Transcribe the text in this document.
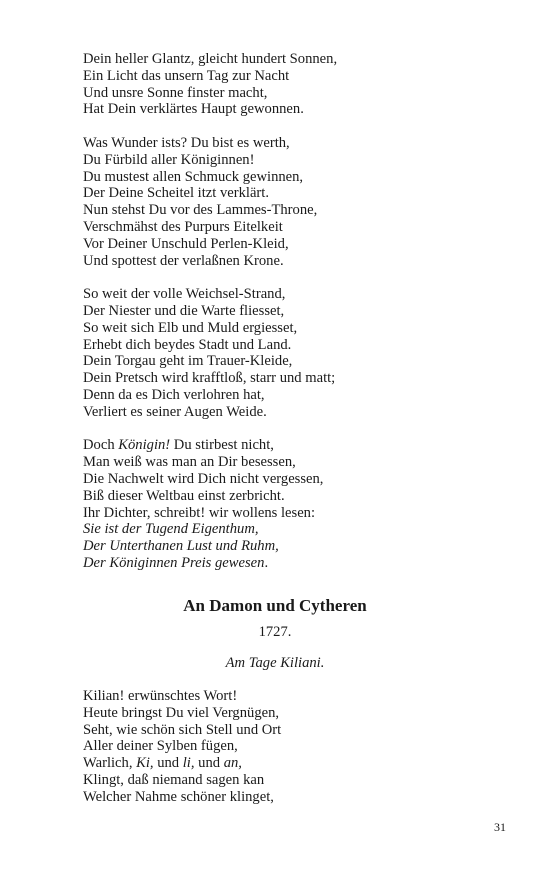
Dein heller Glantz, gleicht hundert Sonnen,
Ein Licht das unsern Tag zur Nacht
Und unsre Sonne finster macht,
Hat Dein verklärtes Haupt gewonnen.
Was Wunder ists? Du bist es werth,
Du Fürbild aller Königinnen!
Du mustest allen Schmuck gewinnen,
Der Deine Scheitel itzt verklärt.
Nun stehst Du vor des Lammes-Throne,
Verschmähst des Purpurs Eitelkeit
Vor Deiner Unschuld Perlen-Kleid,
Und spottest der verlaßnen Krone.
So weit der volle Weichsel-Strand,
Der Niester und die Warte fliesset,
So weit sich Elb und Muld ergiesset,
Erhebt dich beydes Stadt und Land.
Dein Torgau geht im Trauer-Kleide,
Dein Pretsch wird krafftloß, starr und matt;
Denn da es Dich verlohren hat,
Verliert es seiner Augen Weide.
Doch Königin! Du stirbest nicht,
Man weiß was man an Dir besessen,
Die Nachwelt wird Dich nicht vergessen,
Biß dieser Weltbau einst zerbricht.
Ihr Dichter, schreibt! wir wollens lesen:
Sie ist der Tugend Eigenthum,
Der Unterthanen Lust und Ruhm,
Der Königinnen Preis gewesen.
An Damon und Cytheren
1727.
Am Tage Kiliani.
Kilian! erwünschtes Wort!
Heute bringst Du viel Vergnügen,
Seht, wie schön sich Stell und Ort
Aller deiner Sylben fügen,
Warlich, Ki, und li, und an,
Klingt, daß niemand sagen kan
Welcher Nahme schöner klinget,
31
